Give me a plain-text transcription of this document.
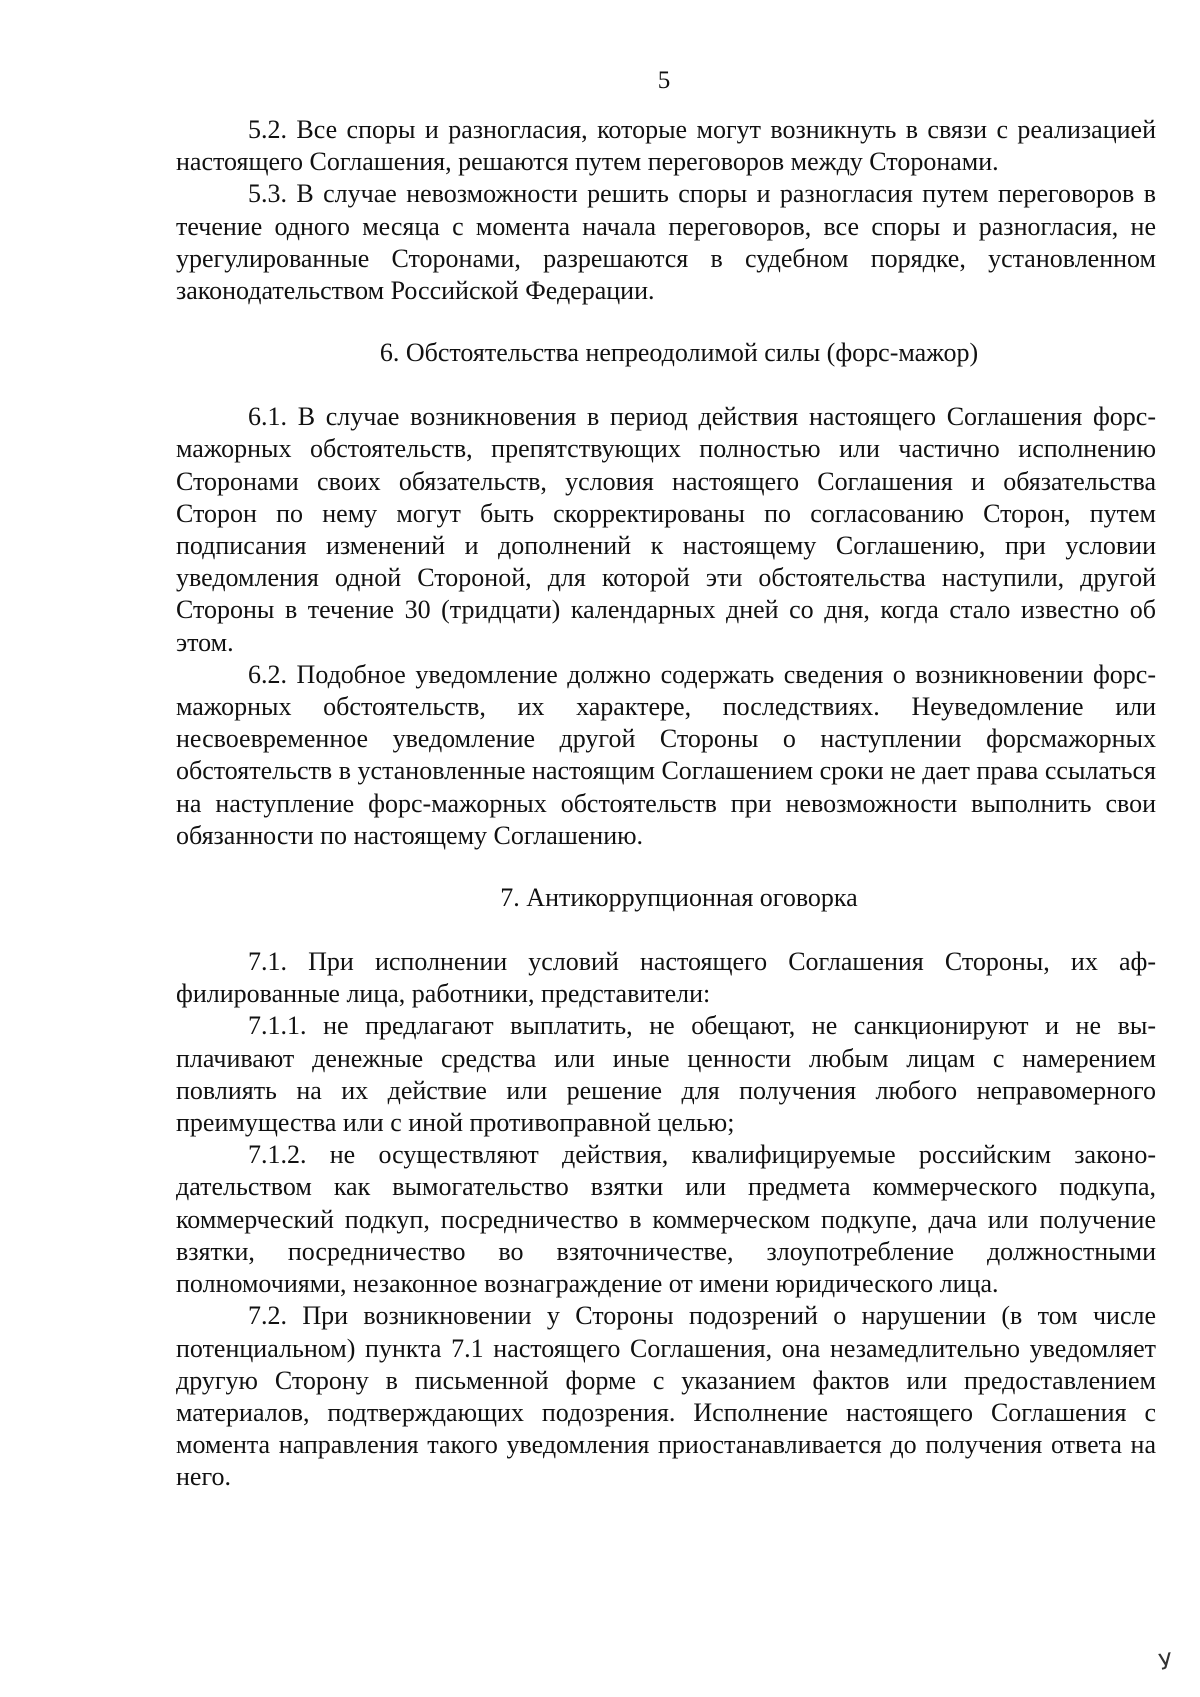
5

5.2. Все споры и разногласия, которые могут возникнуть в связи с реализацией настоящего Соглашения, решаются путем переговоров между Сторонами.

5.3. В случае невозможности решить споры и разногласия путем переговоров в течение одного месяца с момента начала переговоров, все споры и разногласия, не урегулированные Сторонами, разрешаются в судебном порядке, установленном законодательством Российской Федерации.

6. Обстоятельства непреодолимой силы (форс-мажор)

6.1. В случае возникновения в период действия настоящего Соглашения форс-мажорных обстоятельств, препятствующих полностью или частично исполнению Сторонами своих обязательств, условия настоящего Соглашения и обязательства Сторон по нему могут быть скорректированы по согласованию Сторон, путем подписания изменений и дополнений к настоящему Соглашению, при условии уведомления одной Стороной, для которой эти обстоятельства наступили, другой Стороны в течение 30 (тридцати) календарных дней со дня, когда стало известно об этом.

6.2. Подобное уведомление должно содержать сведения о возникновении форс-мажорных обстоятельств, их характере, последствиях. Неуведомление или несвоевременное уведомление другой Стороны о наступлении форсмажорных обстоятельств в установленные настоящим Соглашением сроки не дает права ссылаться на наступление форс-мажорных обстоятельств при невозможности выполнить свои обязанности по настоящему Соглашению.

7. Антикоррупционная оговорка

7.1. При исполнении условий настоящего Соглашения Стороны, их аффилированные лица, работники, представители:

7.1.1. не предлагают выплатить, не обещают, не санкционируют и не выплачивают денежные средства или иные ценности любым лицам с намерением повлиять на их действие или решение для получения любого неправомерного преимущества или с иной противоправной целью;

7.1.2. не осуществляют действия, квалифицируемые российским законодательством как вымогательство взятки или предмета коммерческого подкупа, коммерческий подкуп, посредничество в коммерческом подкупе, дача или получение взятки, посредничество во взяточничестве, злоупотребление должностными полномочиями, незаконное вознаграждение от имени юридического лица.

7.2. При возникновении у Стороны подозрений о нарушении (в том числе потенциальном) пункта 7.1 настоящего Соглашения, она незамедлительно уведомляет другую Сторону в письменной форме с указанием фактов или предоставлением материалов, подтверждающих подозрения. Исполнение настоящего Соглашения с момента направления такого уведомления приостанавливается до получения ответа на него.

У
